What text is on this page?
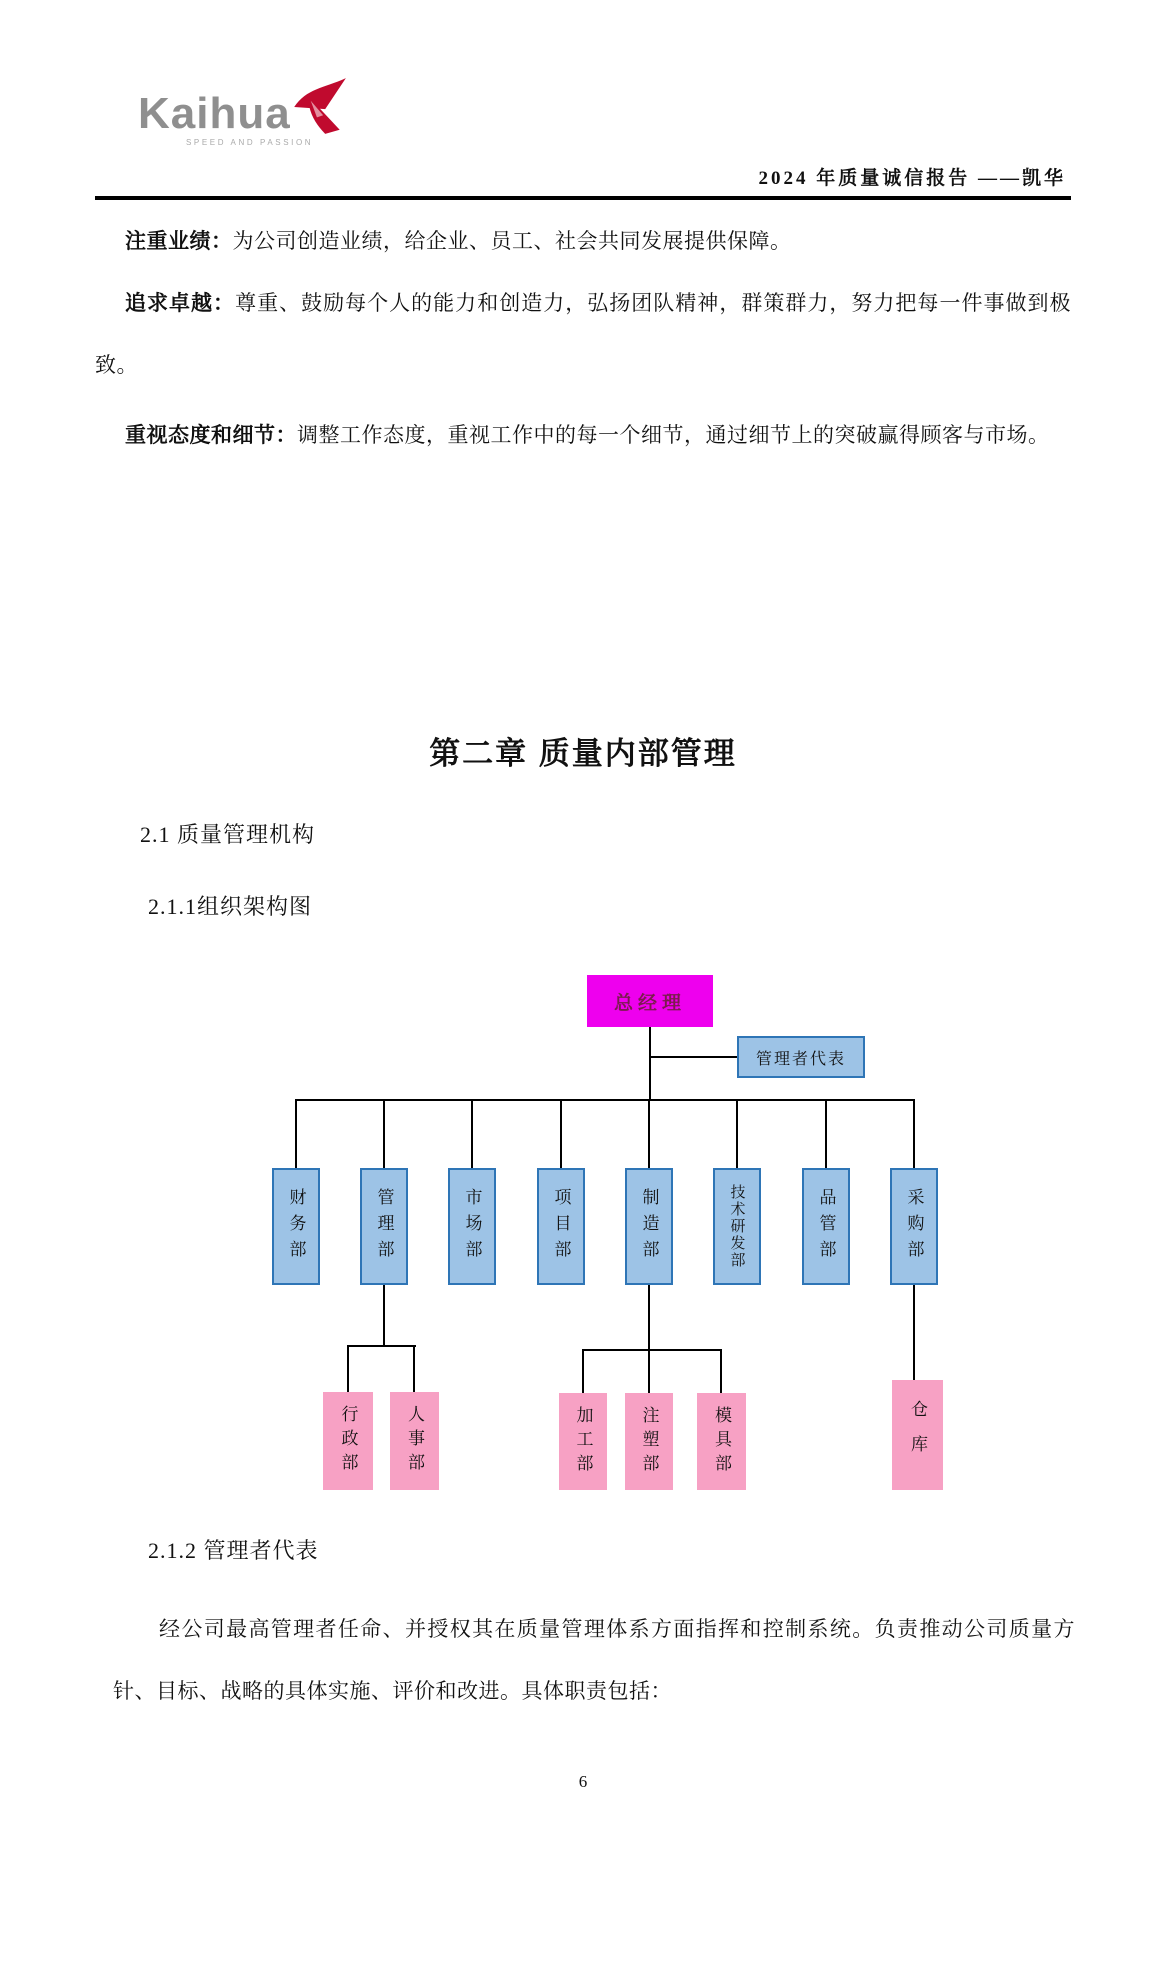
Kaihua
SPEED AND PASSION
2024 年质量诚信报告 ——凯华
注重业绩：为公司创造业绩，给企业、员工、社会共同发展提供保障。
追求卓越：尊重、鼓励每个人的能力和创造力，弘扬团队精神，群策群力，努力把每一件事做到极致。
重视态度和细节：调整工作态度，重视工作中的每一个细节，通过细节上的突破赢得顾客与市场。
第二章 质量内部管理
2.1 质量管理机构
2.1.1组织架构图
总经理
管理者代表
财务部	管理部	市场部	项目部	制造部	技术研发部	品管部	采购部
行政部	人事部	加工部	注塑部	模具部	仓库
2.1.2 管理者代表
经公司最高管理者任命、并授权其在质量管理体系方面指挥和控制系统。负责推动公司质量方针、目标、战略的具体实施、评价和改进。具体职责包括：
6
